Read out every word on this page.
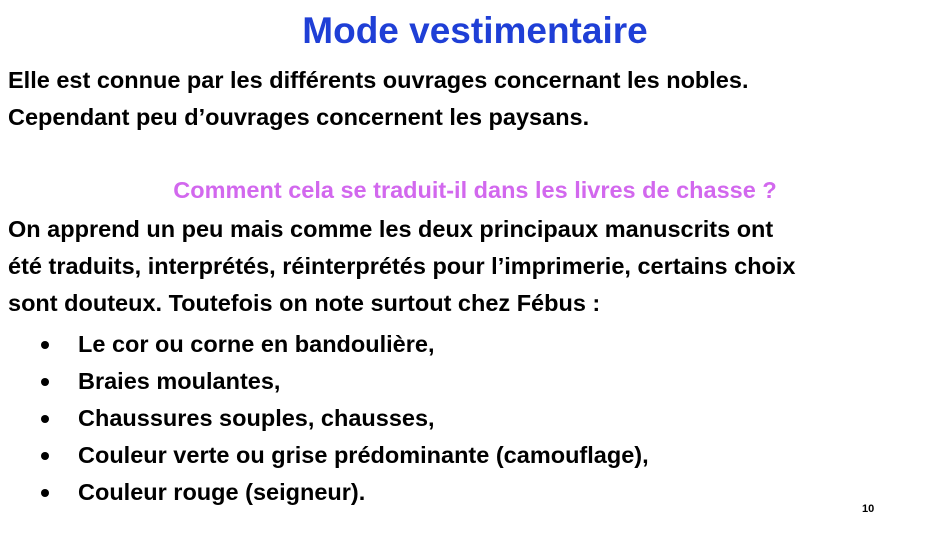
Mode vestimentaire
Elle est connue par les différents ouvrages concernant les nobles.
Cependant peu d’ouvrages concernent les paysans.
Comment cela se traduit-il dans les livres de chasse ?
On apprend un peu mais comme les deux principaux manuscrits ont
été traduits, interprétés, réinterprétés pour l’imprimerie, certains choix
sont douteux. Toutefois on note surtout chez Fébus :
Le cor ou corne en bandoulière,
Braies moulantes,
Chaussures souples, chausses,
Couleur verte ou grise prédominante (camouflage),
Couleur rouge (seigneur).
10
